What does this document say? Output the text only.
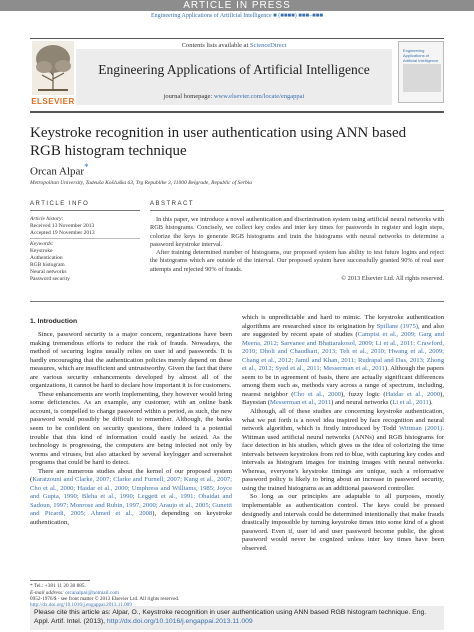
ARTICLE IN PRESS
Engineering Applications of Artificial Intelligence ■ (■■■■) ■■■–■■■
ELSEVIER
Contents lists available at ScienceDirect
Engineering Applications of Artificial Intelligence
journal homepage: www.elsevier.com/locate/engappai
Engineering Applications of Artificial Intelligence
Keystroke recognition in user authentication using ANN based RGB histogram technique
Orcan Alpar*
Metropolitan University, Tadeuša Košćuška 63, Trg Republike 3, 11000 Belgrade, Republic of Serbia
ARTICLE INFO	ABSTRACT
Article history:
Received 13 November 2013
Accepted 19 November 2013
Keywords:
Keystroke
Authentication
RGB histogram
Neural networks
Password security

In this paper, we introduce a novel authentication and discrimination system using artificial neural networks with RGB histograms. Concisely, we collect key codes and inter key times for passwords in register and login steps, colorize the keys to generate RGB histograms and train the histograms with neural networks to determine a password keystroke interval.

After training determined number of histograms, our proposed system has ability to test future logins and reject the histograms which are outside of the interval. Our proposed system have successfully granted 90% of real user attempts and rejected 90% of frauds.

© 2013 Elsevier Ltd. All rights reserved.
1. Introduction

Since, password security is a major concern, organizations have been making tremendous efforts to reduce the risk of frauds. Nowadays, the method of securing logins usually relies on user id and passwords. It is hardly encouraging that the authentication policies merely depend on these measures, which are insufficient and untrustworthy. Given the fact that there are various security enhancements developed by almost all of the organizations, it cannot be hard to declare how important it is for customers.

These enhancements are worth implementing, they however would bring some deficiencies. As an example, any customer, with an online bank account, is compelled to change password within a period, as such, the new password would possibly be difficult to remember. Although, the banks seem to be confident on security questions, there indeed is a potential trouble that this kind of information could easily be seized. As the technology is progressing, the computers are being infected not only by worms and viruses, but also attacked by several keylogger and screenshot programs that could be hard to detect.

There are numerous studies about the kernel of our proposed system (Karatzouni and Clarke, 2007; Clarke and Furnell, 2007; Kang et al., 2007; Cho et al., 2000; Haidar et al., 2000; Umphress and Williams, 1985; Joyce and Gupta, 1990; Bleha et al., 1990; Leggett et al., 1991; Obaidat and Sadoun, 1997; Monrose and Rubin, 1997, 2000; Araujo et al., 2005; Gunetti and Picardi, 2005; Ahmed et al., 2008), depending on keystroke authentication,

which is unpredictable and hard to mimic. The keystroke authentication algorithms are researched since its origination by Spillane (1975), and also are suggested by recent spate of studies (Campisi et al., 2009; Garg and Meena, 2012; Sarvanee and Bhattarakosol, 2009; Li et al., 2011; Crawford, 2010; Dholi and Chaudhari, 2013; Teh et al., 2010; Hwang et al., 2009; Chang et al., 2012; Jamil and Khan, 2011; Rudrapal and Das, 2013; Zhong et al., 2012; Syed et al., 2011; Messerman et al., 2011). Although the papers seem to be in agreement of basis, there are actually significant differences among them such as, methods vary across a range of spectrum, including, nearest neighbor (Cho et al., 2000), fuzzy logic (Haidar et al., 2000), Bayesian (Messerman et al., 2011) and neural networks (Li et al., 2011).

Although, all of these studies are concerning keystroke authentication, what we put forth is a novel idea inspired by face recognition and neural network algorithm, which is firstly introduced by Todd Wittman (2001). Wittman used artificial neural networks (ANNs) and RGB histograms for face detection in his studies, which gives us the idea of colorizing the time intervals between keystrokes from red to blue, with capturing key codes and intervals as histogram images for training images with neural networks. Whereas, everyone's keystroke timings are unique, such a reformative password policy is likely to bring about an increase in password security, using the trained histograms as an additional password controller.

So long as our principles are adaptable to all purposes, mostly implementable as authentication control. The keys could be pressed designedly and intervals could be determined intentionally that make frauds drastically impossible by turning keystroke times into some kind of a ghost password. Even if, user id and user password become public, the ghost password would never be cognized unless inter key times have been observed.

* Tel.: +381 11 20 30 885.
E-mail address: orcanalpar@hotmail.com
0952-1976/$ - see front matter © 2013 Elsevier Ltd. All rights reserved.
http://dx.doi.org/10.1016/j.engappai.2013.11.009
Please cite this article as: Alpar, O., Keystroke recognition in user authentication using ANN based RGB histogram technique. Eng. Appl. Artif. Intel. (2013), http://dx.doi.org/10.1016/j.engappai.2013.11.009
